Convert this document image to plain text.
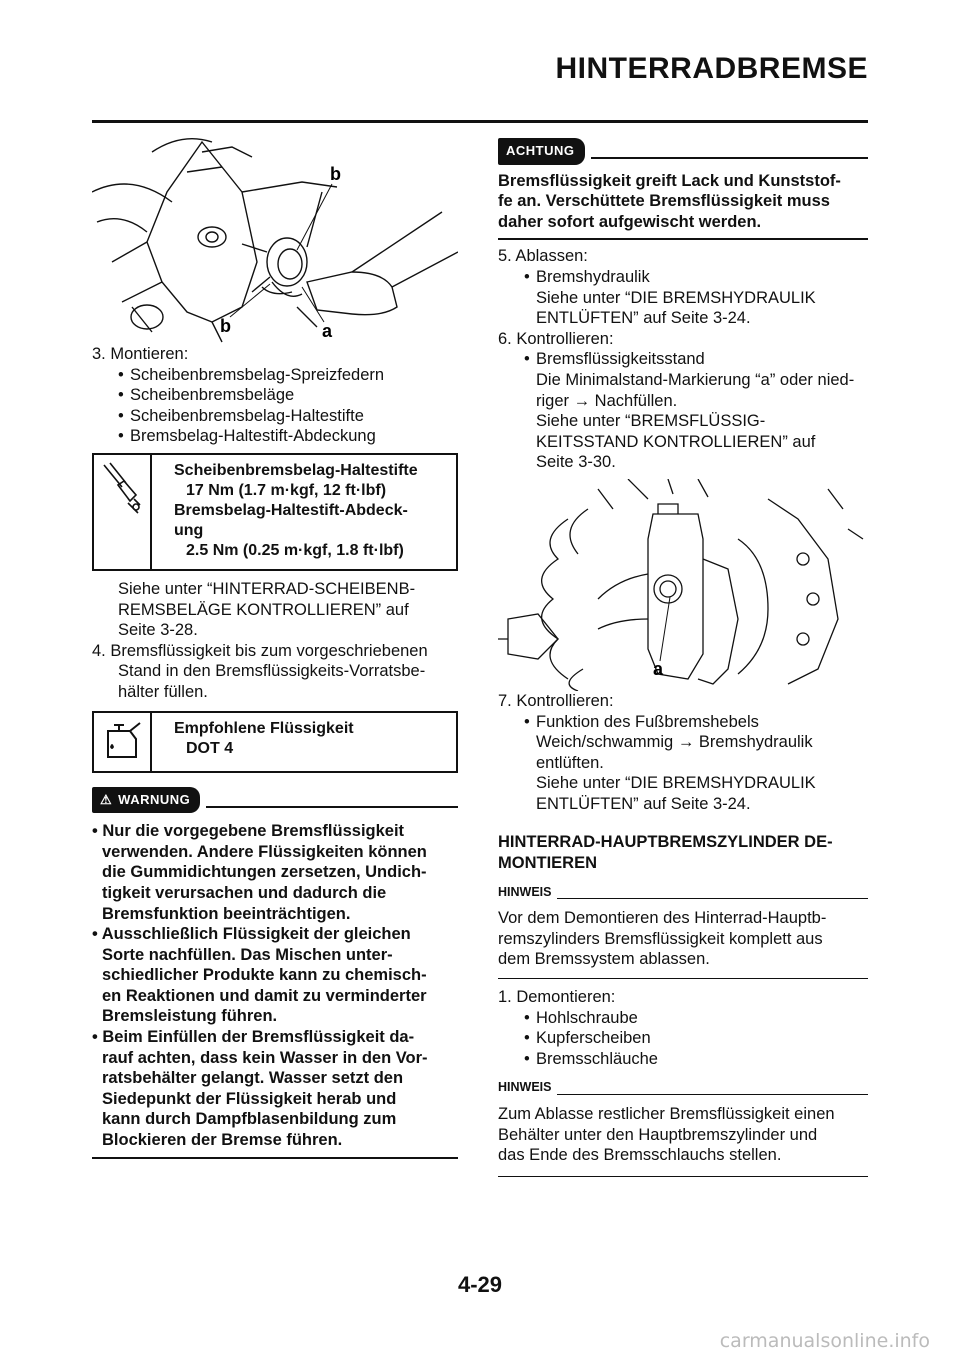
HINTERRADBREMSE
b
b	a
3. Montieren:
• Scheibenbremsbelag-Spreizfedern
• Scheibenbremsbeläge
• Scheibenbremsbelag-Haltestifte
• Bremsbelag-Haltestift-Abdeckung
Scheibenbremsbelag-Haltestifte
17 Nm (1.7 m·kgf, 12 ft·lbf)
Bremsbelag-Haltestift-Abdeck-
ung
2.5 Nm (0.25 m·kgf, 1.8 ft·lbf)
Siehe unter “HINTERRAD-SCHEIBENB-
REMSBELÄGE KONTROLLIEREN” auf
Seite 3-28.
4. Bremsflüssigkeit bis zum vorgeschriebenen
Stand in den Bremsflüssigkeits-Vorratsbe-
hälter füllen.
Empfohlene Flüssigkeit
DOT 4
⚠ WARNUNG
• Nur die vorgegebene Bremsflüssigkeit
verwenden. Andere Flüssigkeiten können
die Gummidichtungen zersetzen, Undich-
tigkeit verursachen und dadurch die
Bremsfunktion beeinträchtigen.
• Ausschließlich Flüssigkeit der gleichen
Sorte nachfüllen. Das Mischen unter-
schiedlicher Produkte kann zu chemisch-
en Reaktionen und damit zu verminderter
Bremsleistung führen.
• Beim Einfüllen der Bremsflüssigkeit da-
rauf achten, dass kein Wasser in den Vor-
ratsbehälter gelangt. Wasser setzt den
Siedepunkt der Flüssigkeit herab und
kann durch Dampfblasenbildung zum
Blockieren der Bremse führen.
ACHTUNG
Bremsflüssigkeit greift Lack und Kunststof-
fe an. Verschüttete Bremsflüssigkeit muss
daher sofort aufgewischt werden.
5. Ablassen:
• Bremshydraulik
Siehe unter “DIE BREMSHYDRAULIK
ENTLÜFTEN” auf Seite 3-24.
6. Kontrollieren:
• Bremsflüssigkeitsstand
Die Minimalstand-Markierung “a” oder nied-
riger → Nachfüllen.
Siehe unter “BREMSFLÜSSIG-
KEITSSTAND KONTROLLIEREN” auf
Seite 3-30.
a
7. Kontrollieren:
• Funktion des Fußbremshebels
Weich/schwammig → Bremshydraulik
entlüften.
Siehe unter “DIE BREMSHYDRAULIK
ENTLÜFTEN” auf Seite 3-24.
HINTERRAD-HAUPTBREMSZYLINDER DE-
MONTIEREN
HINWEIS
Vor dem Demontieren des Hinterrad-Hauptb-
remszylinders Bremsflüssigkeit komplett aus
dem Bremssystem ablassen.
1. Demontieren:
• Hohlschraube
• Kupferscheiben
• Bremsschläuche
HINWEIS
Zum Ablasse restlicher Bremsflüssigkeit einen
Behälter unter den Hauptbremszylinder und
das Ende des Bremsschlauchs stellen.
4-29
carmanualsonline.info
